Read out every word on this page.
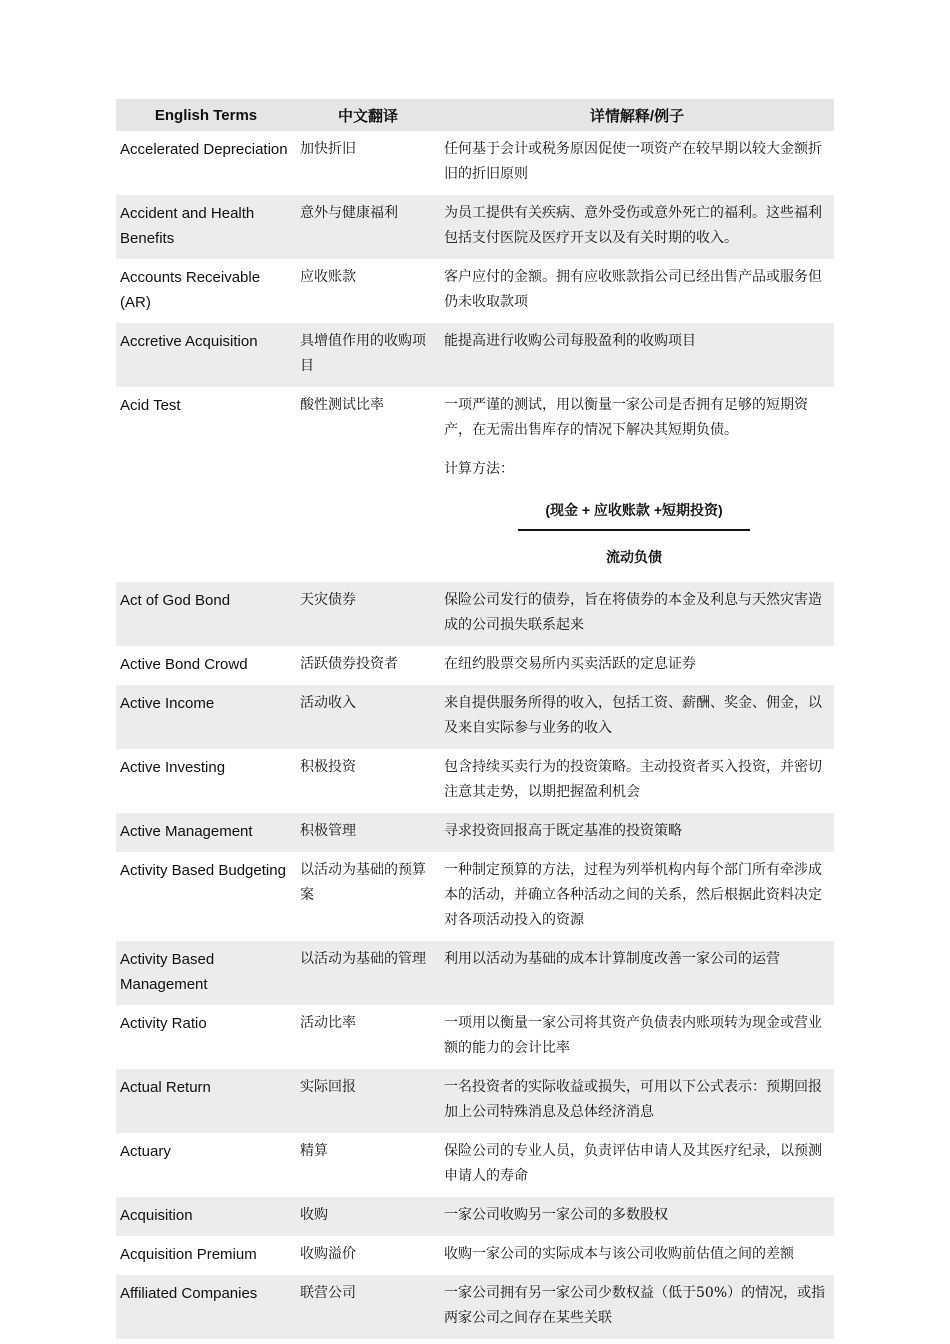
English Terms	中文翻译	详情解释/例子
Accelerated Depreciation	加快折旧	任何基于会计或税务原因促使一项资产在较早期以较大金额折旧的折旧原则
Accident and Health Benefits	意外与健康福利	为员工提供有关疾病、意外受伤或意外死亡的福利。这些福利包括支付医院及医疗开支以及有关时期的收入。
Accounts Receivable (AR)	应收账款	客户应付的金额。拥有应收账款指公司已经出售产品或服务但仍未收取款项
Accretive Acquisition	具增值作用的收购项目	能提高进行收购公司每股盈利的收购项目
Acid Test	酸性测试比率	一项严谨的测试，用以衡量一家公司是否拥有足够的短期资产，在无需出售库存的情况下解决其短期负债。
计算方法：
(现金 + 应收账款 +短期投资)
流动负债

Act of God Bond	天灾债券	保险公司发行的债券，旨在将债券的本金及利息与天然灾害造成的公司损失联系起来
Active Bond Crowd	活跃债券投资者	在纽约股票交易所内买卖活跃的定息证券
Active Income	活动收入	来自提供服务所得的收入，包括工资、薪酬、奖金、佣金，以及来自实际参与业务的收入
Active Investing	积极投资	包含持续买卖行为的投资策略。主动投资者买入投资，并密切注意其走势，以期把握盈利机会
Active Management	积极管理	寻求投资回报高于既定基准的投资策略
Activity Based Budgeting	以活动为基础的预算案	一种制定预算的方法，过程为列举机构内每个部门所有牵涉成本的活动，并确立各种活动之间的关系，然后根据此资料决定对各项活动投入的资源
Activity Based Management	以活动为基础的管理	利用以活动为基础的成本计算制度改善一家公司的运营
Activity Ratio	活动比率	一项用以衡量一家公司将其资产负债表内账项转为现金或营业额的能力的会计比率
Actual Return	实际回报	一名投资者的实际收益或损失，可用以下公式表示：预期回报加上公司特殊消息及总体经济消息
Actuary	精算	保险公司的专业人员，负责评估申请人及其医疗纪录，以预测申请人的寿命
Acquisition	收购	一家公司收购另一家公司的多数股权
Acquisition Premium	收购溢价	收购一家公司的实际成本与该公司收购前估值之间的差额
Affiliated Companies	联营公司	一家公司拥有另一家公司少数权益（低于50%）的情况，或指两家公司之间存在某些关联
